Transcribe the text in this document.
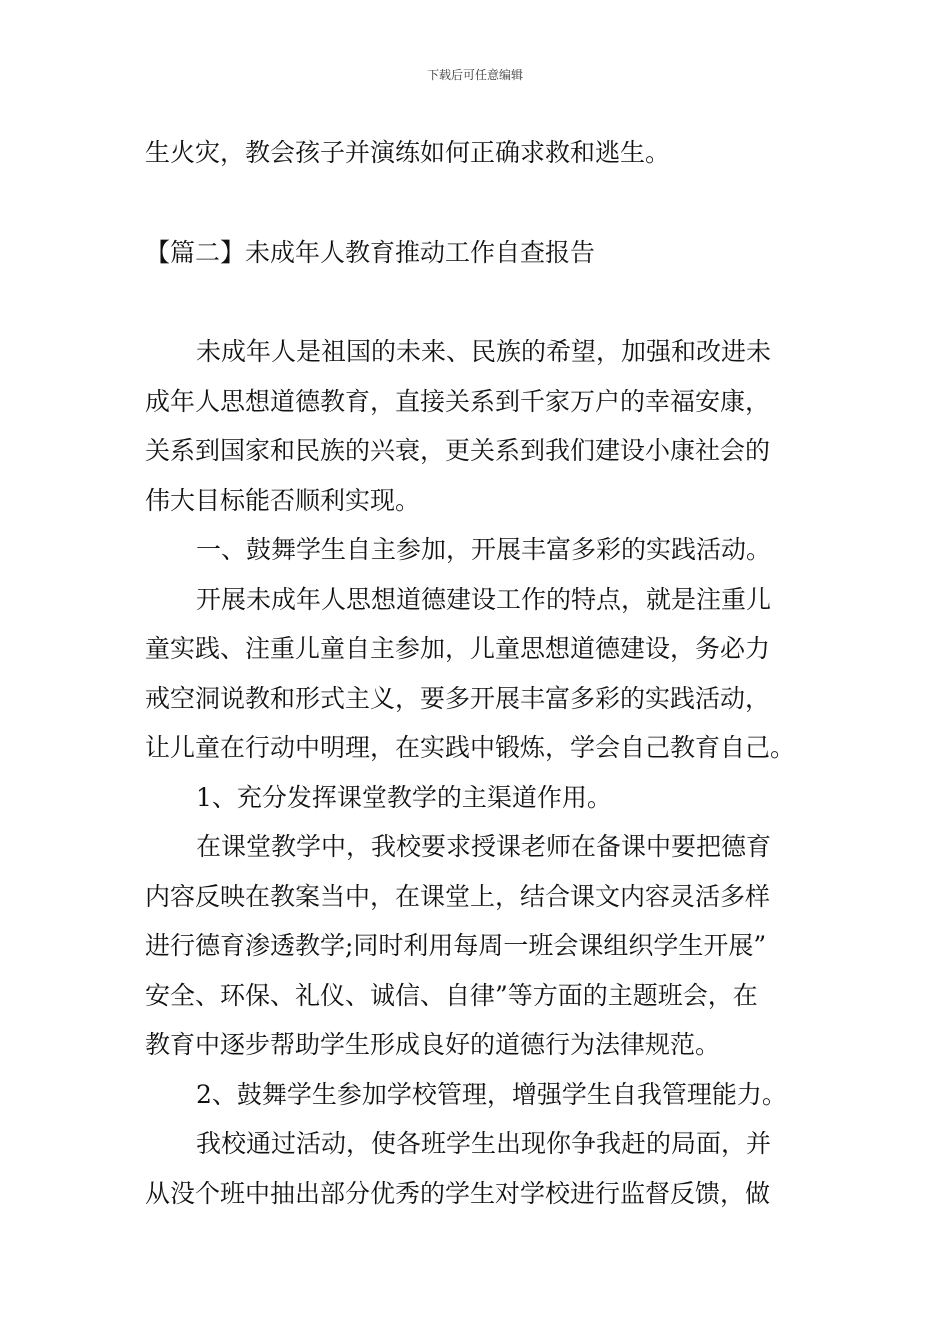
下载后可任意编辑
生火灾，教会孩子并演练如何正确求救和逃生。
【篇二】未成年人教育推动工作自查报告
未成年人是祖国的未来、民族的希望，加强和改进未
成年人思想道德教育，直接关系到千家万户的幸福安康，
关系到国家和民族的兴衰，更关系到我们建设小康社会的
伟大目标能否顺利实现。
一、鼓舞学生自主参加，开展丰富多彩的实践活动。
开展未成年人思想道德建设工作的特点，就是注重儿
童实践、注重儿童自主参加，儿童思想道德建设，务必力
戒空洞说教和形式主义，要多开展丰富多彩的实践活动，
让儿童在行动中明理，在实践中锻炼，学会自己教育自己。
1、充分发挥课堂教学的主渠道作用。
在课堂教学中，我校要求授课老师在备课中要把德育
内容反映在教案当中，在课堂上，结合课文内容灵活多样
进行德育渗透教学;同时利用每周一班会课组织学生开展”
安全、环保、礼仪、诚信、自律”等方面的主题班会，在
教育中逐步帮助学生形成良好的道德行为法律规范。
2、鼓舞学生参加学校管理，增强学生自我管理能力。
我校通过活动，使各班学生出现你争我赶的局面，并
从没个班中抽出部分优秀的学生对学校进行监督反馈，做
